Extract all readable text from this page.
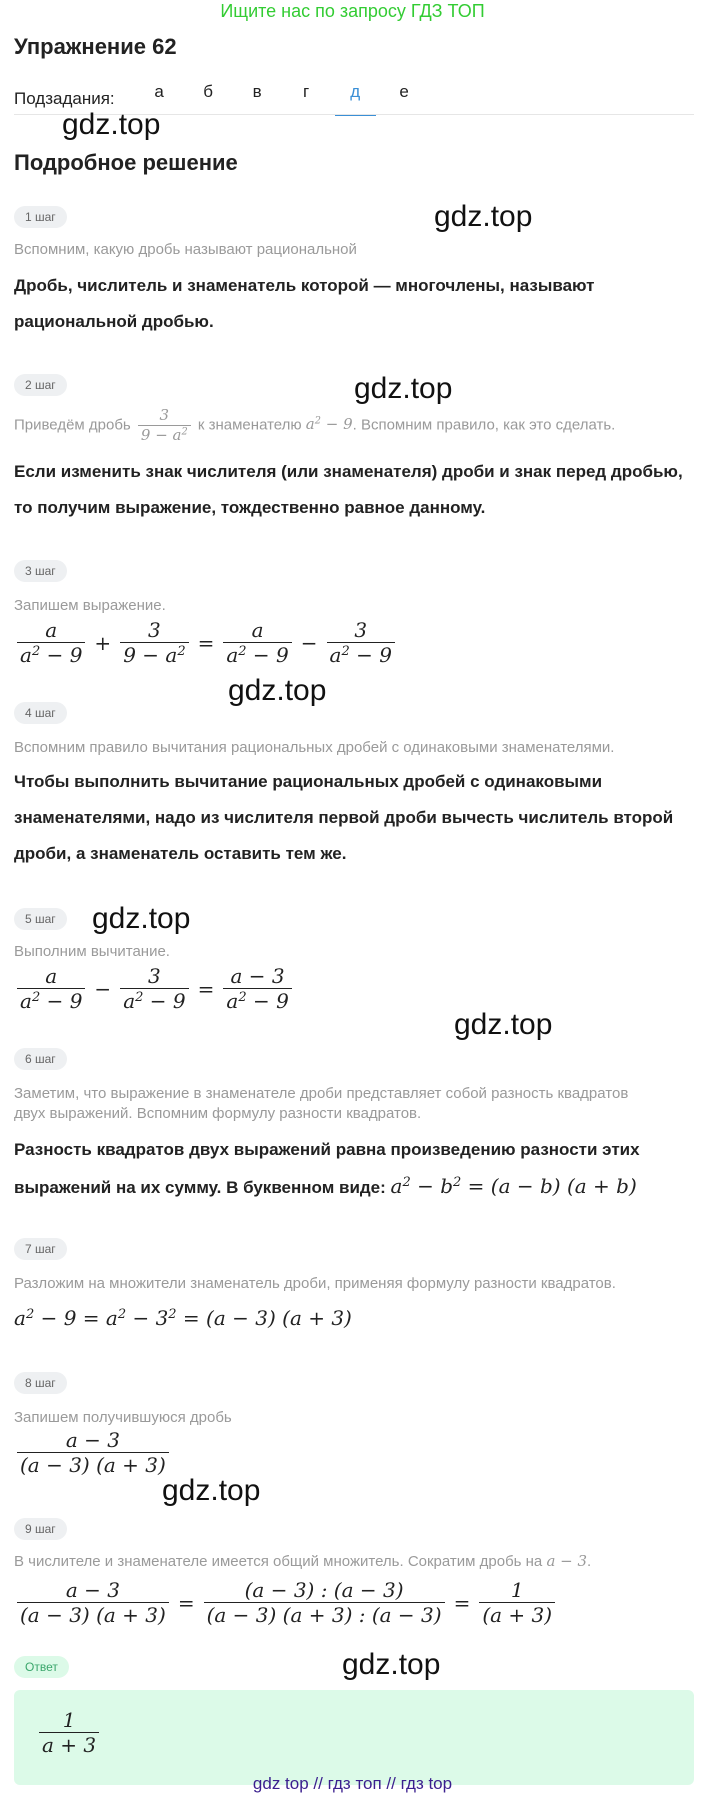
Ищите нас по запросу ГДЗ ТОП
Упражнение 62
Подзадания:	а	б	в	г	д	е
gdz.top
Подробное решение
1 шаг	gdz.top
Вспомним, какую дробь называют рациональной
Дробь, числитель и знаменатель которой — многочлены, называют
рациональной дробью.
2 шаг	gdz.top
Приведём дробь $\frac{3}{9 - a^2}$ к знаменателю $a^2 - 9$. Вспомним правило, как это сделать.
Если изменить знак числителя (или знаменателя) дроби и знак перед дробью,
то получим выражение, тождественно равное данному.
3 шаг
Запишем выражение.
$\frac{a}{a^2 - 9} + \frac{3}{9 - a^2} = \frac{a}{a^2 - 9} - \frac{3}{a^2 - 9}$
gdz.top
4 шаг
Вспомним правило вычитания рациональных дробей с одинаковыми знаменателями.
Чтобы выполнить вычитание рациональных дробей с одинаковыми
знаменателями, надо из числителя первой дроби вычесть числитель второй
дроби, а знаменатель оставить тем же.
5 шаг	gdz.top
Выполним вычитание.
$\frac{a}{a^2 - 9} - \frac{3}{a^2 - 9} = \frac{a - 3}{a^2 - 9}$
gdz.top
6 шаг
Заметим, что выражение в знаменателе дроби представляет собой разность квадратов
двух выражений. Вспомним формулу разности квадратов.
Разность квадратов двух выражений равна произведению разности этих
выражений на их сумму. В буквенном виде: $a^2 - b^2 = (a - b) (a + b)$
7 шаг
Разложим на множители знаменатель дроби, применяя формулу разности квадратов.
$a^2 - 9 = a^2 - 3^2 = (a - 3) (a + 3)$
8 шаг
Запишем получившуюся дробь
$\frac{a - 3}{(a - 3) (a + 3)}$
gdz.top
9 шаг
В числителе и знаменателе имеется общий множитель. Сократим дробь на a − 3.
$\frac{a - 3}{(a - 3) (a + 3)} = \frac{(a - 3) : (a - 3)}{(a - 3) (a + 3) : (a - 3)} = \frac{1}{(a + 3)}$
Ответ	gdz.top
$\frac{1}{a + 3}$
gdz top // гдз топ // гдз top
